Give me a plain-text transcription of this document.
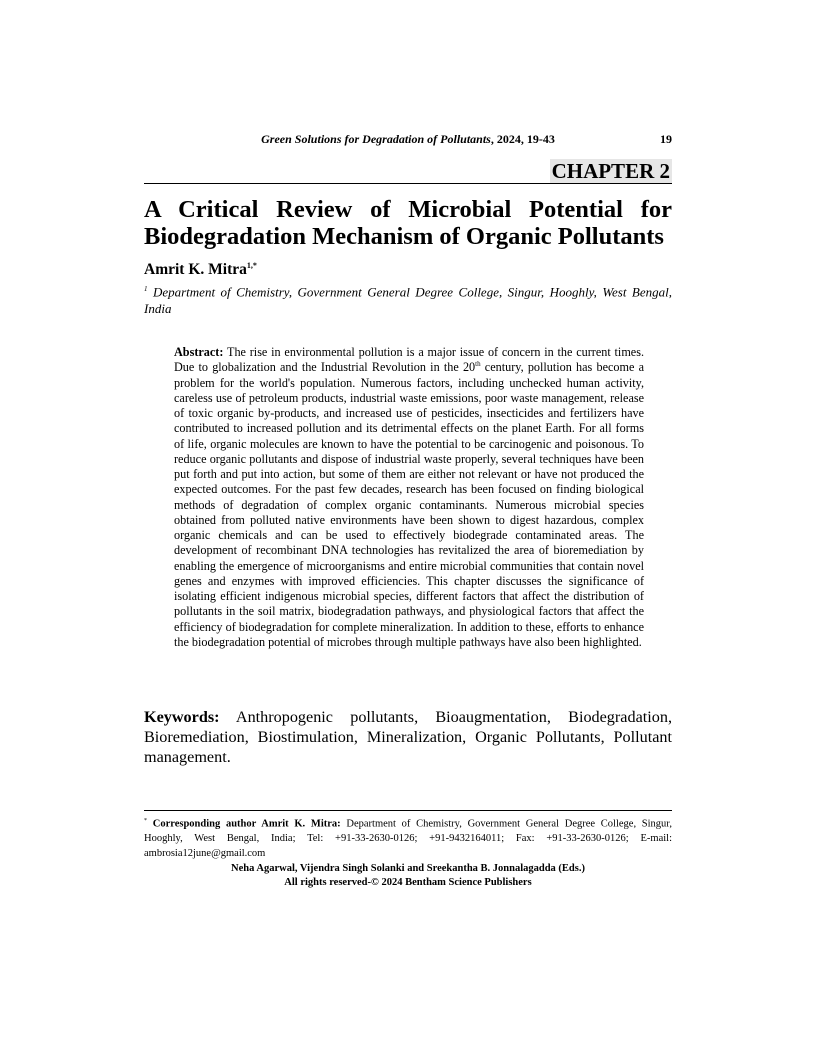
Green Solutions for Degradation of Pollutants, 2024, 19-43	19
CHAPTER 2
A Critical Review of Microbial Potential for
Biodegradation Mechanism of Organic Pollutants
Amrit K. Mitra$^{1,*}$
$^1$ Department of Chemistry, Government General Degree College, Singur, Hooghly, West Bengal, India
Abstract: The rise in environmental pollution is a major issue of concern in the current times. Due to globalization and the Industrial Revolution in the 20th century, pollution has become a problem for the world's population. Numerous factors, including unchecked human activity, careless use of petroleum products, industrial waste emissions, poor waste management, release of toxic organic by-products, and increased use of pesticides, insecticides and fertilizers have contributed to increased pollution and its detrimental effects on the planet Earth. For all forms of life, organic molecules are known to have the potential to be carcinogenic and poisonous. To reduce organic pollutants and dispose of industrial waste properly, several techniques have been put forth and put into action, but some of them are either not relevant or have not produced the expected outcomes. For the past few decades, research has been focused on finding biological methods of degradation of complex organic contaminants. Numerous microbial species obtained from polluted native environments have been shown to digest hazardous, complex organic chemicals and can be used to effectively biodegrade contaminated areas. The development of recombinant DNA technologies has revitalized the area of bioremediation by enabling the emergence of microorganisms and entire microbial communities that contain novel genes and enzymes with improved efficiencies. This chapter discusses the significance of isolating efficient indigenous microbial species, different factors that affect the distribution of pollutants in the soil matrix, biodegradation pathways, and physiological factors that affect the efficiency of biodegradation for complete mineralization. In addition to these, efforts to enhance the biodegradation potential of microbes through multiple pathways have also been highlighted.
Keywords: Anthropogenic pollutants, Bioaugmentation, Biodegradation, Bioremediation, Biostimulation, Mineralization, Organic Pollutants, Pollutant management.
* Corresponding author Amrit K. Mitra: Department of Chemistry, Government General Degree College, Singur, Hooghly, West Bengal, India; Tel: +91-33-2630-0126; +91-9432164011; Fax: +91-33-2630-0126; E-mail: ambrosia12june@gmail.com
Neha Agarwal, Vijendra Singh Solanki and Sreekantha B. Jonnalagadda (Eds.)
All rights reserved-© 2024 Bentham Science Publishers
